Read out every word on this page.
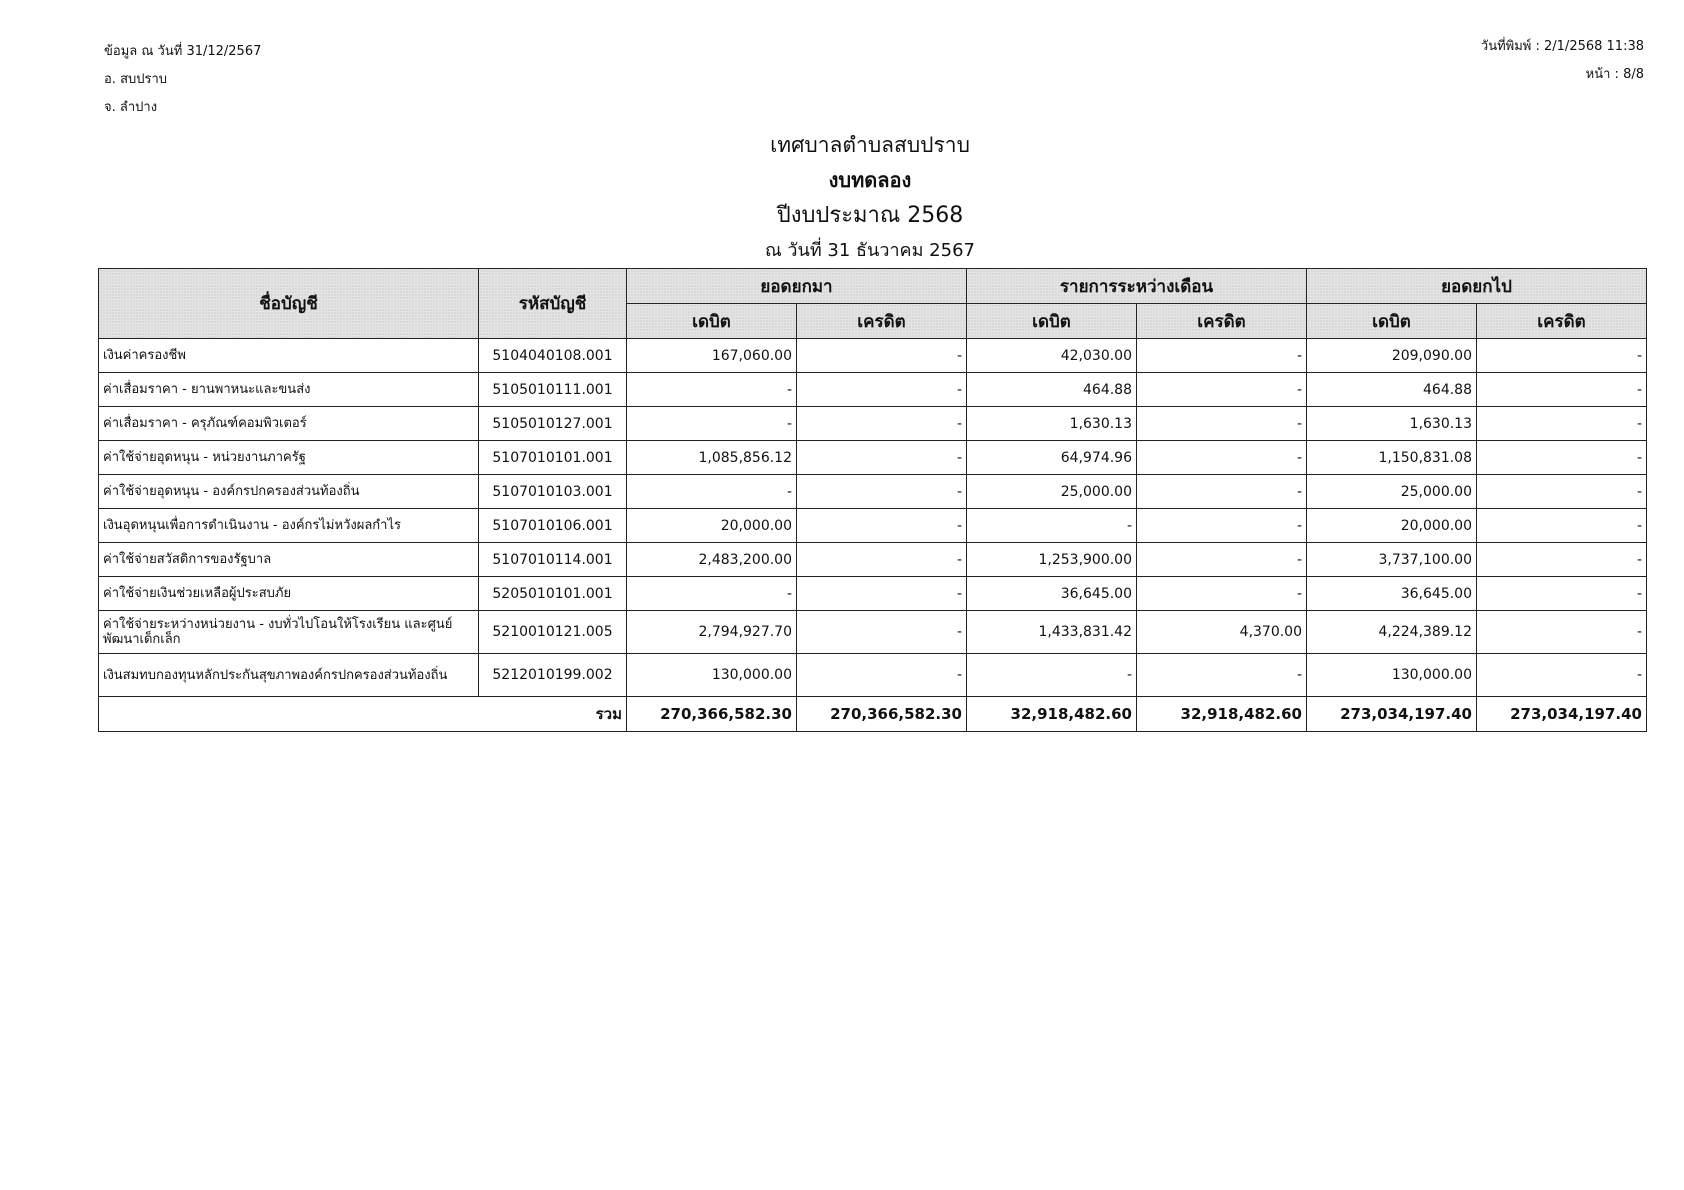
ข้อมูล ณ วันที่ 31/12/2567
อ. สบปราบ
จ. ลำปาง
วันที่พิมพ์ : 2/1/2568 11:38
หน้า : 8/8
เทศบาลตำบลสบปราบ
งบทดลอง
ปีงบประมาณ 2568
ณ วันที่ 31 ธันวาคม 2567
ชื่อบัญชี	รหัสบัญชี	ยอดยกมา		รายการระหว่างเดือน		ยอดยกไป	
		เดบิต	เครดิต	เดบิต	เครดิต	เดบิต	เครดิต
เงินค่าครองชีพ	5104040108.001	167,060.00	-	42,030.00	-	209,090.00	-
ค่าเสื่อมราคา - ยานพาหนะและขนส่ง	5105010111.001	-	-	464.88	-	464.88	-
ค่าเสื่อมราคา - ครุภัณฑ์คอมพิวเตอร์	5105010127.001	-	-	1,630.13	-	1,630.13	-
ค่าใช้จ่ายอุดหนุน - หน่วยงานภาครัฐ	5107010101.001	1,085,856.12	-	64,974.96	-	1,150,831.08	-
ค่าใช้จ่ายอุดหนุน - องค์กรปกครองส่วนท้องถิ่น	5107010103.001	-	-	25,000.00	-	25,000.00	-
เงินอุดหนุนเพื่อการดำเนินงาน - องค์กรไม่หวังผลกำไร	5107010106.001	20,000.00	-	-	-	20,000.00	-
ค่าใช้จ่ายสวัสดิการของรัฐบาล	5107010114.001	2,483,200.00	-	1,253,900.00	-	3,737,100.00	-
ค่าใช้จ่ายเงินช่วยเหลือผู้ประสบภัย	5205010101.001	-	-	36,645.00	-	36,645.00	-
ค่าใช้จ่ายระหว่างหน่วยงาน - งบทั่วไปโอนให้โรงเรียน และศูนย์พัฒนาเด็กเล็ก	5210010121.005	2,794,927.70	-	1,433,831.42	4,370.00	4,224,389.12	-
เงินสมทบกองทุนหลักประกันสุขภาพองค์กรปกครองส่วนท้องถิ่น	5212010199.002	130,000.00	-	-	-	130,000.00	-
รวม		270,366,582.30	270,366,582.30	32,918,482.60	32,918,482.60	273,034,197.40	273,034,197.40
